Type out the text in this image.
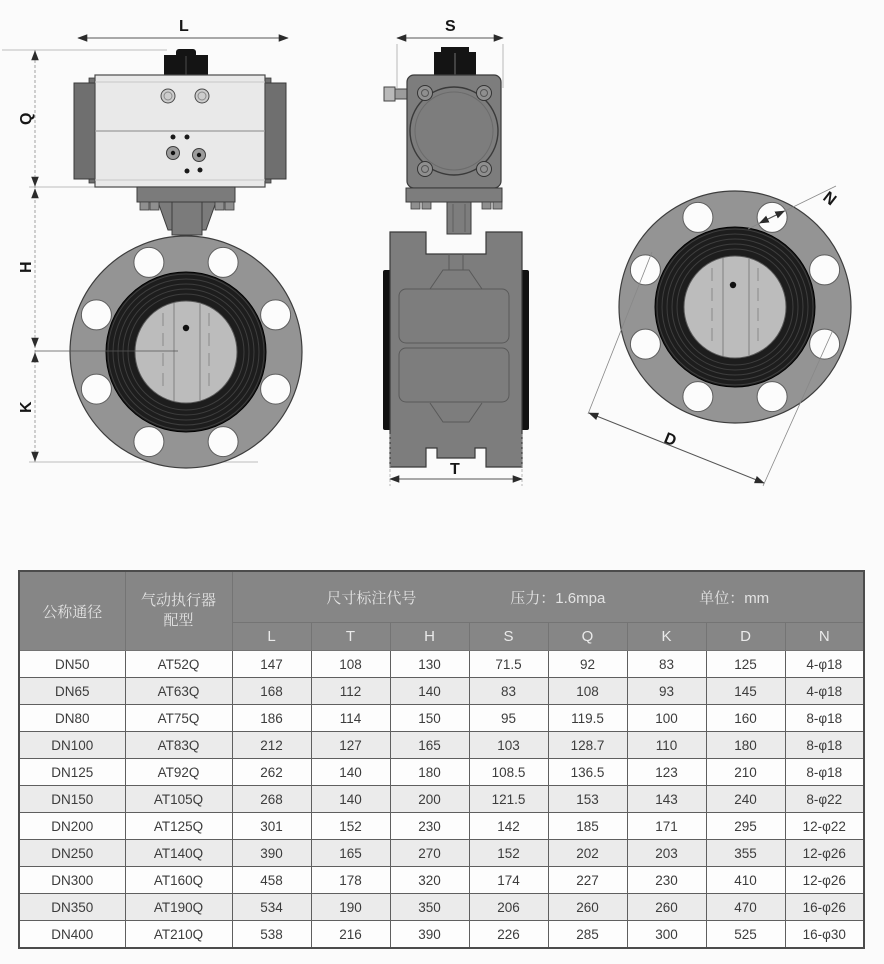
L
Q
H
K
S
T
N
D
公称通径	
气动执行器
配型

尺寸标注代号	压力：1.6mpa	单位：mm

		L	T	H	S	Q	K	D	N
DN50	AT52Q	147	108	130	71.5	92	83	125	4-φ18
DN65	AT63Q	168	112	140	83	108	93	145	4-φ18
DN80	AT75Q	186	114	150	95	119.5	100	160	8-φ18
DN100	AT83Q	212	127	165	103	128.7	110	180	8-φ18
DN125	AT92Q	262	140	180	108.5	136.5	123	210	8-φ18
DN150	AT105Q	268	140	200	121.5	153	143	240	8-φ22
DN200	AT125Q	301	152	230	142	185	171	295	12-φ22
DN250	AT140Q	390	165	270	152	202	203	355	12-φ26
DN300	AT160Q	458	178	320	174	227	230	410	12-φ26
DN350	AT190Q	534	190	350	206	260	260	470	16-φ26
DN400	AT210Q	538	216	390	226	285	300	525	16-φ30
